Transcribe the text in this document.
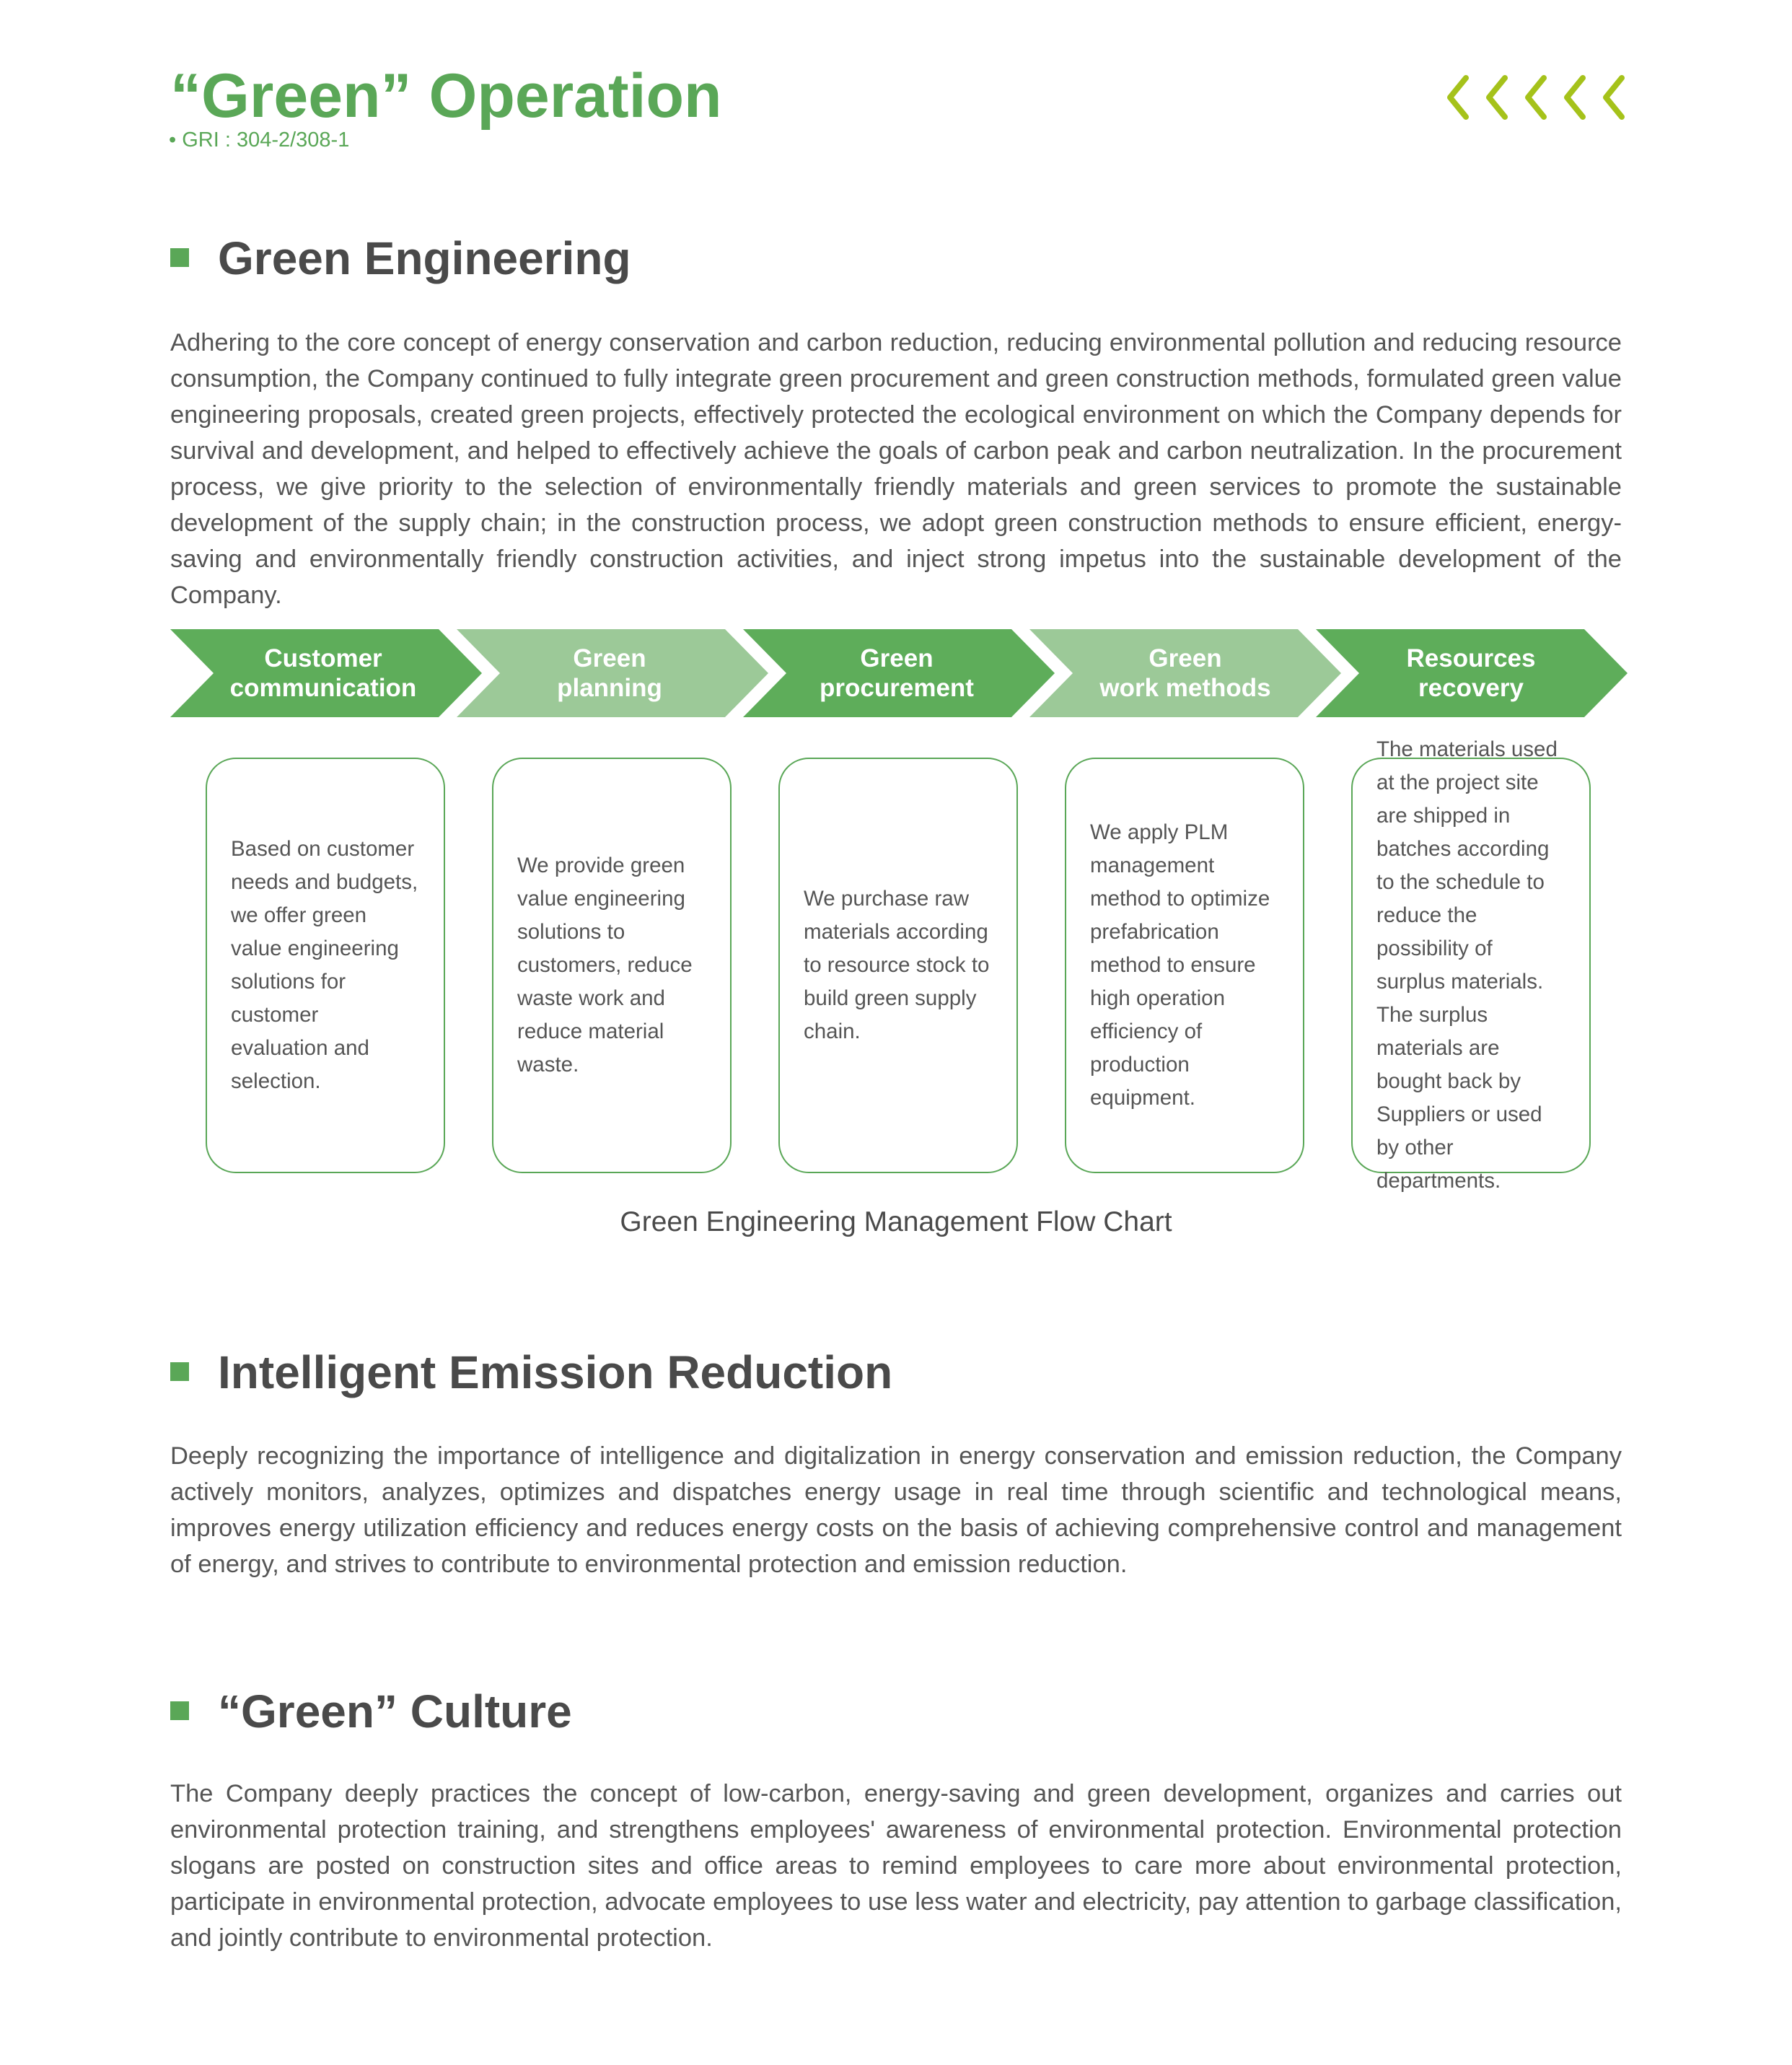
“Green” Operation
• GRI : 304-2/308-1
Green Engineering

Adhering to the core concept of energy conservation and carbon reduction, reducing environmental pollution and reducing resource consumption, the Company continued to fully integrate green procurement and green construction methods, formulated green value engineering proposals, created green projects, effectively protected the ecological environment on which the Company depends for survival and development, and helped to effectively achieve the goals of carbon peak and carbon neutralization. In the procurement process, we give priority to the selection of environmentally friendly materials and green services to promote the sustainable development of the supply chain; in the construction process, we adopt green construction methods to ensure efficient, energy-saving and environmentally friendly construction activities, and inject strong impetus into the sustainable development of the Company.

Customer
communication
Green
planning
Green
procurement
Green
work methods
Resources
recovery
Based on customer needs and budgets, we offer green value engineering solutions for customer evaluation and selection.
We provide green value engineering solutions to customers, reduce waste work and reduce material waste.
We purchase raw materials according to resource stock to build green supply chain.
We apply PLM management method to optimize prefabrication method to ensure high operation efficiency of production equipment.
The materials used at the project site are shipped in batches according to the schedule to reduce the possibility of surplus materials. The surplus materials are bought back by Suppliers or used by other departments.

Green Engineering Management Flow Chart

Intelligent Emission Reduction

Deeply recognizing the importance of intelligence and digitalization in energy conservation and emission reduction, the Company actively monitors, analyzes, optimizes and dispatches energy usage in real time through scientific and technological means, improves energy utilization efficiency and reduces energy costs on the basis of achieving comprehensive control and management of energy, and strives to contribute to environmental protection and emission reduction.

“Green” Culture

The Company deeply practices the concept of low-carbon, energy-saving and green development, organizes and carries out environmental protection training, and strengthens employees' awareness of environmental protection. Environmental protection slogans are posted on construction sites and office areas to remind employees to care more about environmental protection, participate in environmental protection, advocate employees to use less water and electricity, pay attention to garbage classification, and jointly contribute to environmental protection.
